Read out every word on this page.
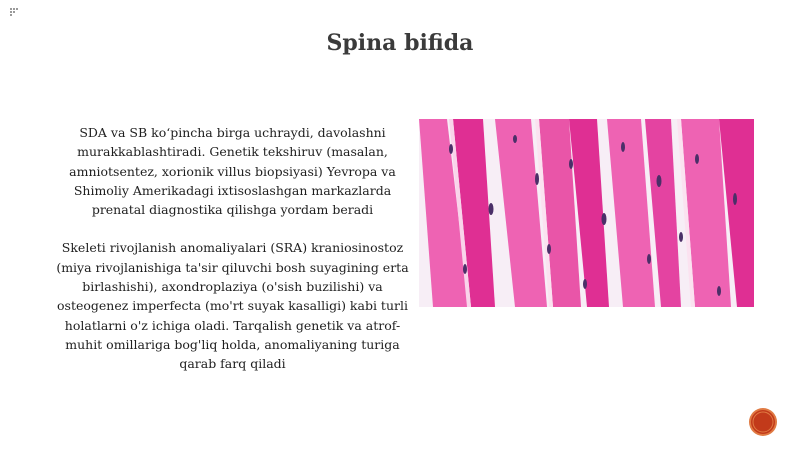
Spina bifida

SDA va SB ko‘pincha birga uchraydi, davolashni murakkablashtiradi. Genetik tekshiruv (masalan, amniotsentez, xorionik villus biopsiyasi) Yevropa va Shimoliy Amerikadagi ixtisoslashgan markazlarda prenatal diagnostika qilishga yordam beradi

Skeleti rivojlanish anomaliyalari (SRA) kraniosinostoz (miya rivojlanishiga ta'sir qiluvchi bosh suyagining erta birlashishi), axondroplaziya (o'sish buzilishi) va osteogenez imperfecta (mo'rt suyak kasalligi) kabi turli holatlarni o'z ichiga oladi. Tarqalish genetik va atrof-muhit omillariga bog'liq holda, anomaliyaning turiga qarab farq qiladi
